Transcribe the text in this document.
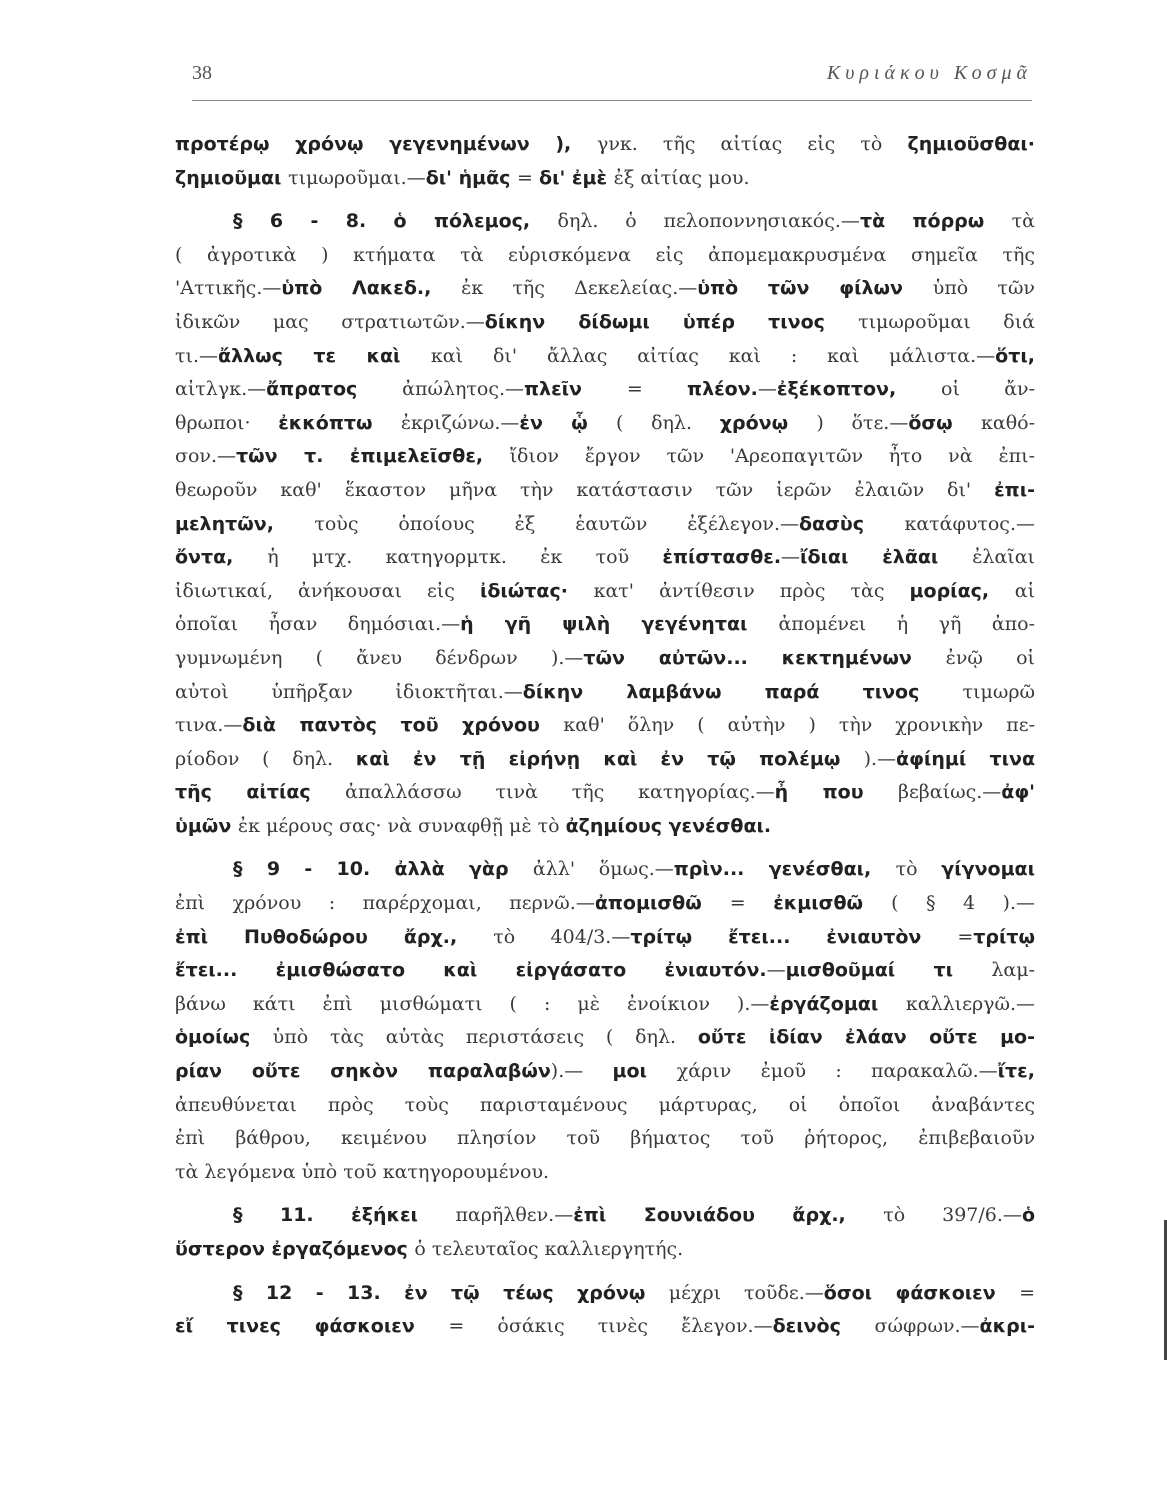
38	Κυριάκου Κοσμᾶ
προτέρῳ χρόνῳ γεγενημένων ), γνκ. τῆς αἰτίας εἰς τὸ ζημιοῦσθαι·
ζημιοῦμαι τιμωροῦμαι.—δι' ἡμᾶς = δι' ἐμὲ ἐξ αἰτίας μου.
§ 6 - 8. ὁ πόλεμος, δηλ. ὁ πελοποννησιακός.—τὰ πόρρω τὰ
( ἀγροτικὰ ) κτήματα τὰ εὑρισκόμενα εἰς ἀπομεμακρυσμένα σημεῖα τῆς
'Αττικῆς.—ὑπὸ Λακεδ., ἐκ τῆς Δεκελείας.—ὑπὸ τῶν φίλων ὑπὸ τῶν
ἰδικῶν μας στρατιωτῶν.—δίκην δίδωμι ὑπέρ τινος τιμωροῦμαι διά
τι.—ἄλλως τε καὶ καὶ δι' ἄλλας αἰτίας καὶ : καὶ μάλιστα.—ὅτι,
αἰτλγκ.—ἄπρατος ἀπώλητος.—πλεῖν = πλέον.—ἐξέκοπτον, οἱ ἄν-
θρωποι· ἐκκόπτω ἐκριζώνω.—ἐν ᾧ ( δηλ. χρόνῳ ) ὅτε.—ὅσῳ καθό-
σον.—τῶν τ. ἐπιμελεῖσθε, ἴδιον ἔργον τῶν 'Αρεοπαγιτῶν ἦτο νὰ ἐπι-
θεωροῦν καθ' ἕκαστον μῆνα τὴν κατάστασιν τῶν ἱερῶν ἐλαιῶν δι' ἐπι-
μελητῶν, τοὺς ὁποίους ἐξ ἑαυτῶν ἐξέλεγον.—δασὺς κατάφυτος.—
ὄντα, ἡ μτχ. κατηγορμτκ. ἐκ τοῦ ἐπίστασθε.—ἴδιαι ἐλᾶαι ἐλαῖαι
ἰδιωτικαί, ἀνήκουσαι εἰς ἰδιώτας· κατ' ἀντίθεσιν πρὸς τὰς μορίας, αἱ
ὁποῖαι ἦσαν δημόσιαι.—ἡ γῆ ψιλὴ γεγένηται ἀπομένει ἡ γῆ ἀπο-
γυμνωμένη ( ἄνευ δένδρων ).—τῶν αὐτῶν... κεκτημένων ἐνῷ οἱ
αὐτοὶ ὑπῆρξαν ἰδιοκτῆται.—δίκην λαμβάνω παρά τινος τιμωρῶ
τινα.—διὰ παντὸς τοῦ χρόνου καθ' ὅλην ( αὐτὴν ) τὴν χρονικὴν πε-
ρίοδον ( δηλ. καὶ ἐν τῇ εἰρήνῃ καὶ ἐν τῷ πολέμῳ ).—ἀφίημί τινα
τῆς αἰτίας ἀπαλλάσσω τινὰ τῆς κατηγορίας.—ἦ που βεβαίως.—ἀφ'
ὑμῶν ἐκ μέρους σας· νὰ συναφθῇ μὲ τὸ ἀζημίους γενέσθαι.
§ 9 - 10. ἀλλὰ γὰρ ἀλλ' ὅμως.—πρὶν... γενέσθαι, τὸ γίγνομαι
ἐπὶ χρόνου : παρέρχομαι, περνῶ.—ἀπομισθῶ = ἐκμισθῶ ( § 4 ).—
ἐπὶ Πυθοδώρου ἄρχ., τὸ 404/3.—τρίτῳ ἔτει... ἐνιαυτὸν =τρίτῳ
ἔτει... ἐμισθώσατο καὶ εἰργάσατο ἐνιαυτόν.—μισθοῦμαί τι λαμ-
βάνω κάτι ἐπὶ μισθώματι ( : μὲ ἐνοίκιον ).—ἐργάζομαι καλλιεργῶ.—
ὁμοίως ὑπὸ τὰς αὐτὰς περιστάσεις ( δηλ. οὔτε ἰδίαν ἐλάαν οὔτε μο-
ρίαν οὔτε σηκὸν παραλαβών).— μοι χάριν ἐμοῦ : παρακαλῶ.—ἴτε,
ἀπευθύνεται πρὸς τοὺς παρισταμένους μάρτυρας, οἱ ὁποῖοι ἀναβάντες
ἐπὶ βάθρου, κειμένου πλησίον τοῦ βήματος τοῦ ῥήτορος, ἐπιβεβαιοῦν
τὰ λεγόμενα ὑπὸ τοῦ κατηγορουμένου.
§ 11. ἐξήκει παρῆλθεν.—ἐπὶ Σουνιάδου ἄρχ., τὸ 397/6.—ὁ
ὕστερον ἐργαζόμενος ὁ τελευταῖος καλλιεργητής.
§ 12 - 13. ἐν τῷ τέως χρόνῳ μέχρι τοῦδε.—ὅσοι φάσκοιεν =
εἴ τινες φάσκοιεν = ὁσάκις τινὲς ἔλεγον.—δεινὸς σώφρων.—ἀκρι-
